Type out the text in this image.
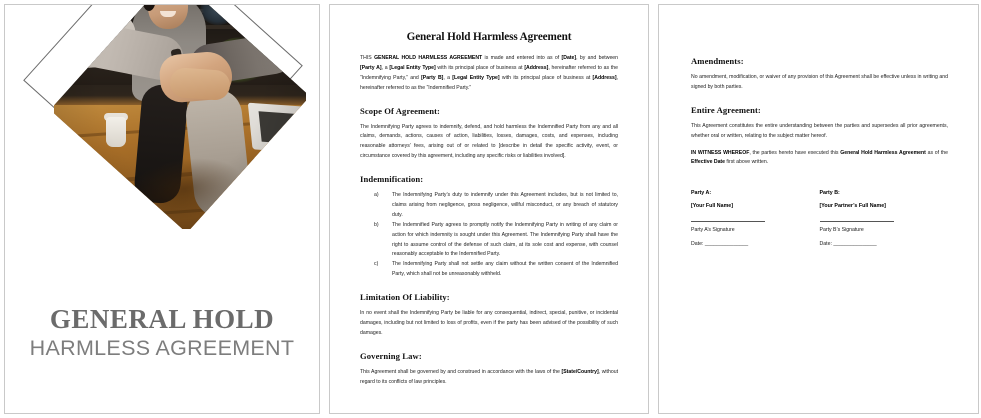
GENERAL HOLD
HARMLESS AGREEMENT
General Hold Harmless Agreement

THIS GENERAL HOLD HARMLESS AGREEMENT is made and entered into as of [Date], by and between [Party A], a [Legal Entity Type] with its principal place of business at [Address], hereinafter referred to as the “Indemnifying Party,” and [Party B], a [Legal Entity Type] with its principal place of business at [Address], hereinafter referred to as the “Indemnified Party.”

Scope Of Agreement:

The Indemnifying Party agrees to indemnify, defend, and hold harmless the Indemnified Party from any and all claims, demands, actions, causes of action, liabilities, losses, damages, costs, and expenses, including reasonable attorneys’ fees, arising out of or related to [describe in detail the specific activity, event, or circumstance covered by this agreement, including any specific risks or liabilities involved].

Indemnification:
a)	The Indemnifying Party’s duty to indemnify under this Agreement includes, but is not limited to, claims arising from negligence, gross negligence, willful misconduct, or any breach of statutory duty.
b)	The Indemnified Party agrees to promptly notify the Indemnifying Party in writing of any claim or action for which indemnity is sought under this Agreement. The Indemnifying Party shall have the right to assume control of the defense of such claim, at its sole cost and expense, with counsel reasonably acceptable to the Indemnified Party.
c)	The Indemnifying Party shall not settle any claim without the written consent of the Indemnified Party, which shall not be unreasonably withheld.
Limitation Of Liability:

In no event shall the Indemnifying Party be liable for any consequential, indirect, special, punitive, or incidental damages, including but not limited to loss of profits, even if the party has been advised of the possibility of such damages.

Governing Law:

This Agreement shall be governed by and construed in accordance with the laws of the [State/Country], without regard to its conflicts of law principles.

Amendments:

No amendment, modification, or waiver of any provision of this Agreement shall be effective unless in writing and signed by both parties.

Entire Agreement:

This Agreement constitutes the entire understanding between the parties and supersedes all prior agreements, whether oral or written, relating to the subject matter hereof.

IN WITNESS WHEREOF, the parties hereto have executed this General Hold Harmless Agreement as of the Effective Date first above written.

Party A:
[Your Full Name]
Party A’s Signature
Date: _______________
Party B:
[Your Partner’s Full Name]
Party B’s Signature
Date: _______________
